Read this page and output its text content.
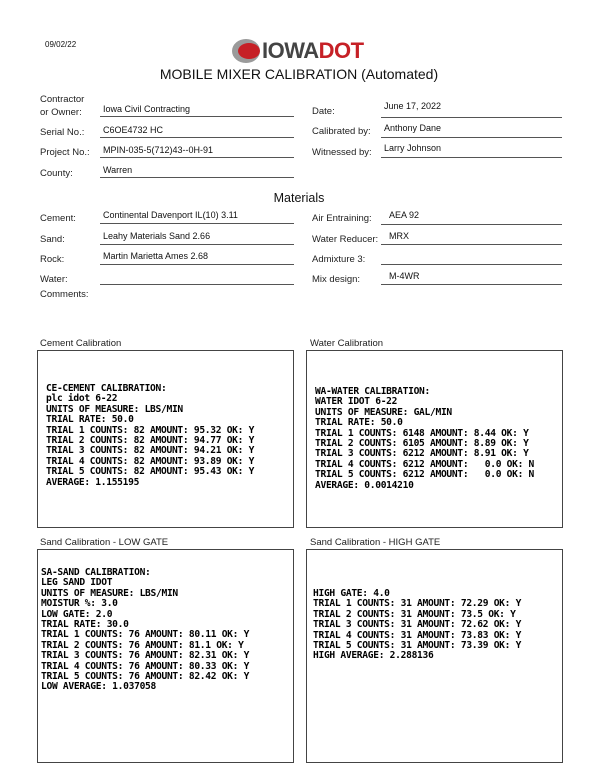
09/02/22	IOWADOT
MOBILE MIXER CALIBRATION (Automated)
Contractor
or Owner: Iowa Civil Contracting
Serial No.: C6OE4732 HC
Project No.: MPIN-035-5(712)43--0H-91
County:	Warren
Date:	June 17, 2022
Calibrated by: Anthony Dane
Witnessed by: Larry Johnson
Materials
Cement:	Continental Davenport IL(10) 3.11
Sand:	Leahy Materials Sand 2.66
Rock:	Martin Marietta Ames 2.68
Water:
Comments:
Air Entraining: AEA 92
Water Reducer: MRX
Admixture 3:
Mix design:	M-4WR
Cement Calibration
CE-CEMENT CALIBRATION:
plc idot 6-22
UNITS OF MEASURE: LBS/MIN
TRIAL RATE: 50.0
TRIAL 1 COUNTS: 82 AMOUNT: 95.32 OK: Y
TRIAL 2 COUNTS: 82 AMOUNT: 94.77 OK: Y
TRIAL 3 COUNTS: 82 AMOUNT: 94.21 OK: Y
TRIAL 4 COUNTS: 82 AMOUNT: 93.89 OK: Y
TRIAL 5 COUNTS: 82 AMOUNT: 95.43 OK: Y
AVERAGE: 1.155195
Water Calibration
WA-WATER CALIBRATION:
WATER IDOT 6-22
UNITS OF MEASURE: GAL/MIN
TRIAL RATE: 50.0
TRIAL 1 COUNTS: 6148 AMOUNT: 8.44 OK: Y
TRIAL 2 COUNTS: 6105 AMOUNT: 8.89 OK: Y
TRIAL 3 COUNTS: 6212 AMOUNT: 8.91 OK: Y
TRIAL 4 COUNTS: 6212 AMOUNT:   0.0 OK: N
TRIAL 5 COUNTS: 6212 AMOUNT:   0.0 OK: N
AVERAGE: 0.0014210
Sand Calibration - LOW GATE
SA-SAND CALIBRATION:
LEG SAND IDOT
UNITS OF MEASURE: LBS/MIN
MOISTUR %: 3.0
LOW GATE: 2.0
TRIAL RATE: 30.0
TRIAL 1 COUNTS: 76 AMOUNT: 80.11 OK: Y
TRIAL 2 COUNTS: 76 AMOUNT: 81.1 OK: Y
TRIAL 3 COUNTS: 76 AMOUNT: 82.31 OK: Y
TRIAL 4 COUNTS: 76 AMOUNT: 80.33 OK: Y
TRIAL 5 COUNTS: 76 AMOUNT: 82.42 OK: Y
LOW AVERAGE: 1.037058
Sand Calibration - HIGH GATE
HIGH GATE: 4.0
TRIAL 1 COUNTS: 31 AMOUNT: 72.29 OK: Y
TRIAL 2 COUNTS: 31 AMOUNT: 73.5 OK: Y
TRIAL 3 COUNTS: 31 AMOUNT: 72.62 OK: Y
TRIAL 4 COUNTS: 31 AMOUNT: 73.83 OK: Y
TRIAL 5 COUNTS: 31 AMOUNT: 73.39 OK: Y
HIGH AVERAGE: 2.288136
